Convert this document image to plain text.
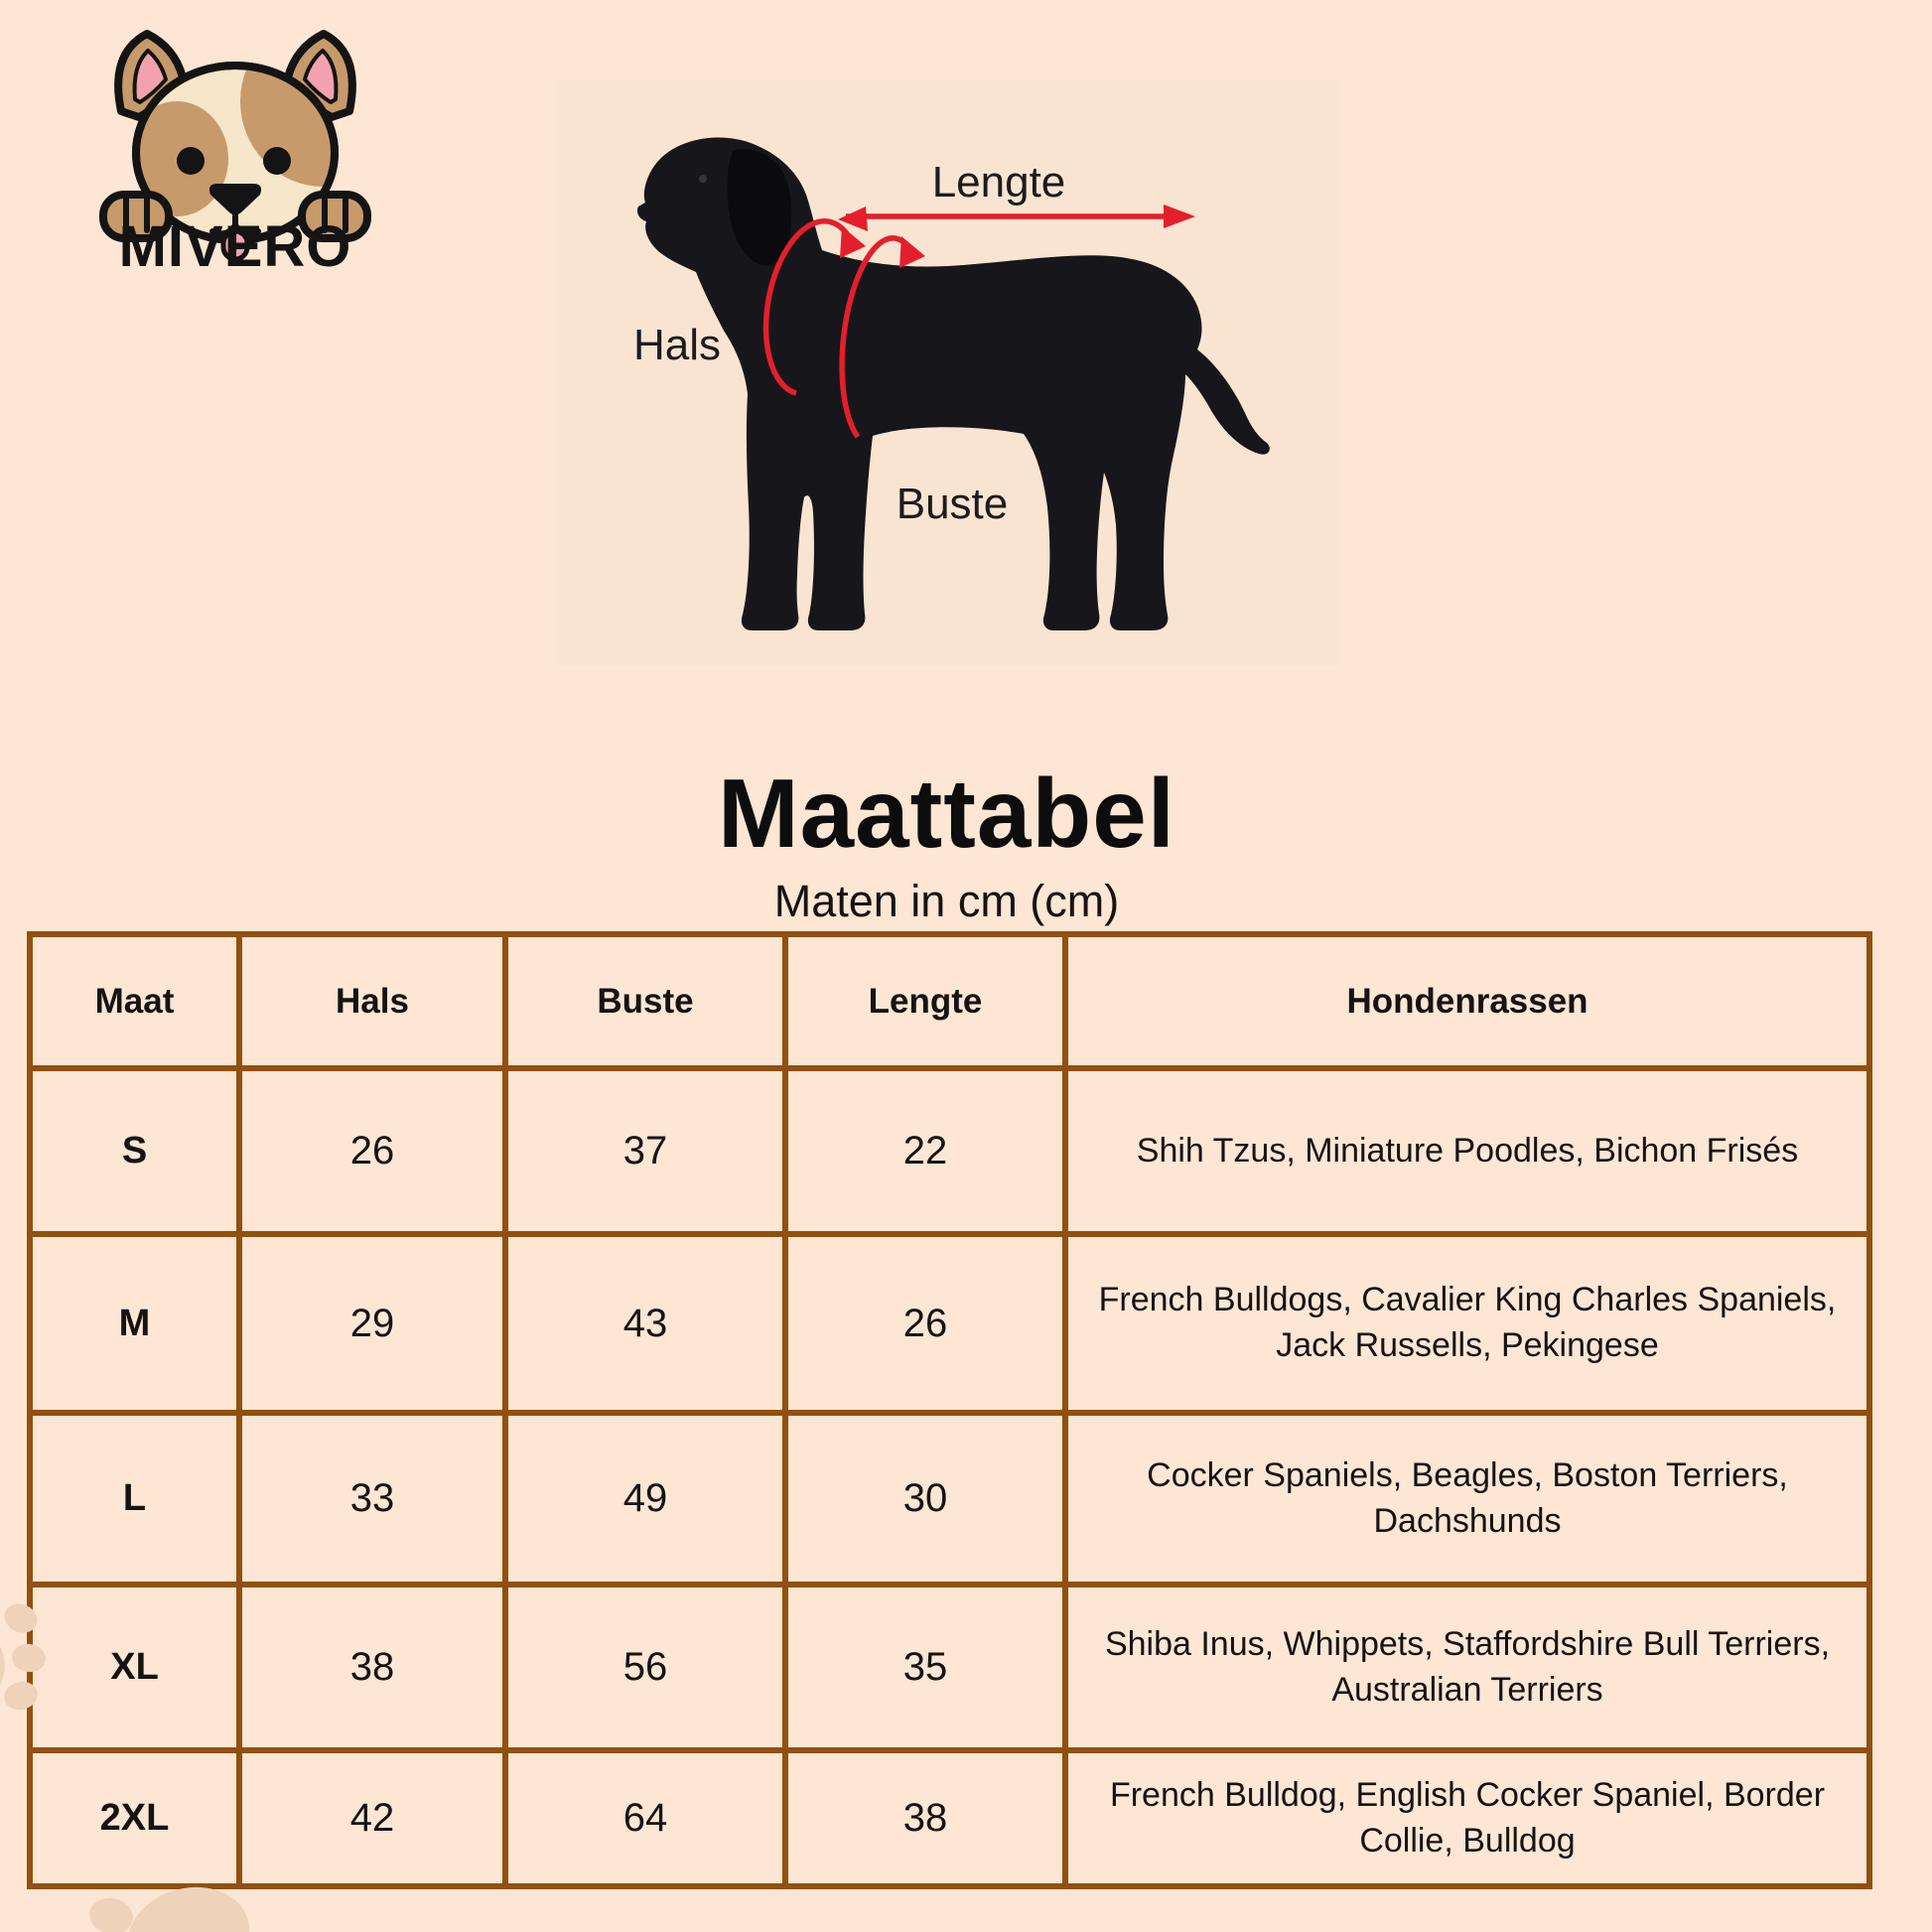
MIVERO
Lengte
Hals
Buste
Maattabel
Maten in cm (cm)
Maat	Hals	Buste	Lengte	Hondenrassen
S	26	37	22	Shih Tzus, Miniature Poodles, Bichon Frisés
M	29	43	26	French Bulldogs, Cavalier King Charles Spaniels, Jack Russells, Pekingese
L	33	49	30	Cocker Spaniels, Beagles, Boston Terriers, Dachshunds
XL	38	56	35	Shiba Inus, Whippets, Staffordshire Bull Terriers, Australian Terriers
2XL	42	64	38	French Bulldog, English Cocker Spaniel, Border Collie, Bulldog
